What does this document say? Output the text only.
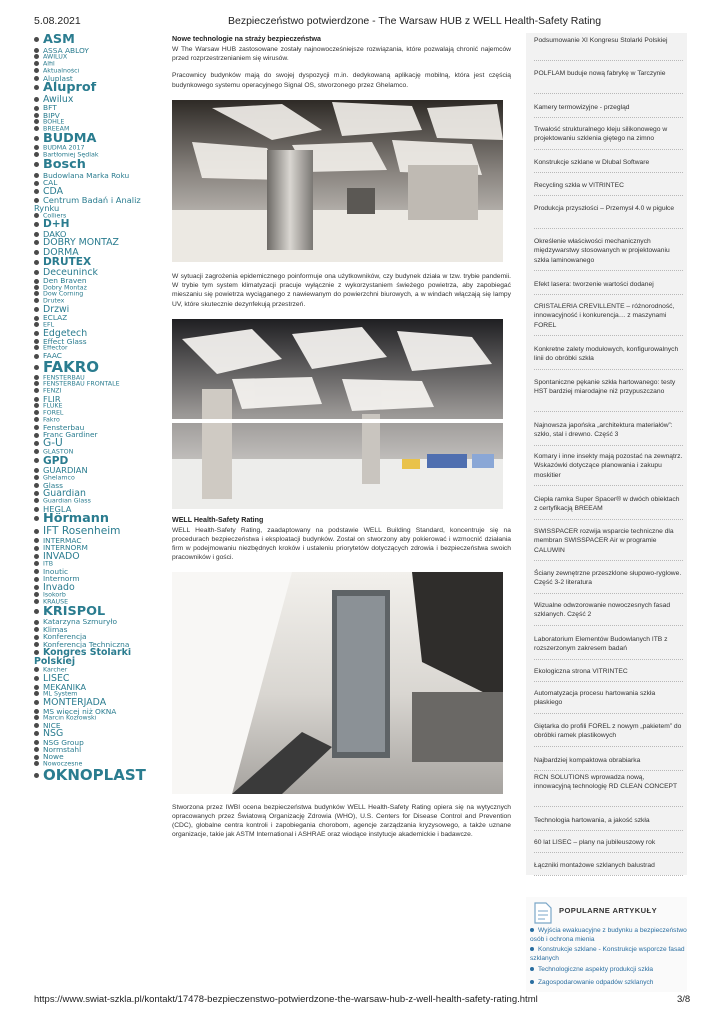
5.08.2021	Bezpieczeństwo potwierdzone - The Warsaw HUB z WELL Health-Safety Rating
ASM
ASSA ABLOY
AWILUX
Alfil
Aktualności
Aluplast
Aluprof
Awilux
BFT
BIPV
BOHLE
BREEAM
BUDMA
BUDMA 2017
Bartłomiej Sędlak
Bosch
Budowlana Marka Roku
CAL
CDA
Centrum Badań i Analiz Rynku
Colliers
D+H
DAKO
DOBRY MONTAŻ
DORMA
DRUTEX
Deceuninck
Den Braven
Dobry Montaż
Dow Corning
Drutex
Drzwi
ECLAZ
EFL
Edgetech
Effect Glass
Effector
FAAC
FAKRO
FENSTERBAU
FENSTERBAU FRONTALE
FENZI
FLIR
FLUKE
FOREL
Fakro
Fensterbau
Franc Gardiner
G-U
GLASTON
GPD
GUARDIAN
Ghelamco
Glass
Guardian
Guardian Glass
HEGLA
Hörmann
IFT Rosenheim
INTERMAC
INTERNORM
INVADO
ITB
Inoutic
Internorm
Invado
Isokorb
KRAUSE
KRISPOL
Katarzyna Szmuryło
Klimas
Konferencja
Konferencja Techniczna
Kongres Stolarki Polskiej
Kärcher
LISEC
MEKANIKA
ML System
MONTERJADA
MS więcej niż OKNA
Marcin Kozłowski
NICE
NSG
NSG Group
Normstahl
Nowe
Nowoczesne
OKNOPLAST
Nowe technologie na straży bezpieczeństwa

W The Warsaw HUB zastosowane zostały najnowocześniejsze rozwiązania, które pozwalają chronić najemców przed rozprzestrzenianiem się wirusów.

Pracownicy budynków mają do swojej dyspozycji m.in. dedykowaną aplikację mobilną, która jest częścią budynkowego systemu operacyjnego Signal OS, stworzonego przez Ghelamco.

W sytuacji zagrożenia epidemicznego poinformuje ona użytkowników, czy budynek działa w tzw. trybie pandemii. W trybie tym system klimatyzacji pracuje wyłącznie z wykorzystaniem świeżego powietrza, aby zapobiegać mieszaniu się powietrza wyciąganego z nawiewanym do powierzchni biurowych, a w windach włączają się lampy UV, które skutecznie dezynfekują przestrzeń.

WELL Health-Safety Rating

WELL Health-Safety Rating, zaadaptowany na podstawie WELL Building Standard, koncentruje się na procedurach bezpieczeństwa i eksploatacji budynków. Został on stworzony aby pokierować i wzmocnić działania firm w podejmowaniu niezbędnych kroków i ustaleniu priorytetów dotyczących zdrowia i bezpieczeństwa swoich pracowników i gości.

Stworzona przez IWBI ocena bezpieczeństwa budynków WELL Health-Safety Rating opiera się na wytycznych opracowanych przez Światową Organizację Zdrowia (WHO), U.S. Centers for Disease Control and Prevention (CDC), globalne centra kontroli i zapobiegania chorobom, agencje zarządzania kryzysowego, a także uznane organizacje, takie jak ASTM International i ASHRAE oraz wiodące instytucje akademickie i badawcze.

Podsumowanie XI Kongresu Stolarki Polskiej
POLFLAM buduje nową fabrykę w Tarczynie
Kamery termowizyjne - przegląd
Trwałość strukturalnego kleju silikonowego w projektowaniu szklenia giętego na zimno
Konstrukcje szklane w Dlubal Software
Recycling szkła w VITRINTEC
Produkcja przyszłości – Przemysł 4.0 w pigułce
Określenie właściwości mechanicznych międzywarstwy stosowanych w projektowaniu szkła laminowanego
Efekt laserа: tworzenie wartości dodanej
CRISTALERIA CREVILLENTE – różnorodność, innowacyjność i konkurencja… z maszynami FOREL
Konkretne zalety modułowych, konfigurowalnych linii do obróbki szkła
Spontaniczne pękanie szkła hartowanego: testy HST bardziej miarodajne niż przypuszczano
Najnowsza japońska „architektura materiałów”: szkło, stal i drewno. Część 3
Komary i inne insekty mają pozostać na zewnątrz. Wskazówki dotyczące planowania i zakupu moskitier
Ciepła ramka Super Spacer® w dwóch obiektach z certyfikacją BREEAM
SWISSPACER rozwija wsparcie techniczne dla membran SWISSPACER Air w programie CALUWIN
Ściany zewnętrzne przeszklone słupowo-ryglowe. Część 3-2 literatura
Wizualne odwzorowanie nowoczesnych fasad szklanych. Część 2
Laboratorium Elementów Budowlanych ITB z rozszerzonym zakresem badań
Ekologiczna strona VITRINTEC
Automatyzacja procesu hartowania szkła płaskiego
Giętarka do profili FOREL z nowym „pakietem” do obróbki ramek plastikowych
Najbardziej kompaktowa obrabiarka
RCN SOLUTIONS wprowadza nową, innowacyjną technologię RD CLEAN CONCEPT
Technologia hartowania, a jakość szkła
60 lat LISEC – plany na jubileuszowy rok
Łączniki montażowe szklanych balustrad
POPULARNE ARTYKUŁY
Wyjścia ewakuacyjne z budynku a bezpieczeństwo osób i ochrona mienia
Konstrukcje szklane - Konstrukcje wsporcze fasad szklanych
Technologiczne aspekty produkcji szkła
Zagospodarowanie odpadów szklanych
https://www.swiat-szkla.pl/kontakt/17478-bezpieczenstwo-potwierdzone-the-warsaw-hub-z-well-health-safety-rating.html	3/8
